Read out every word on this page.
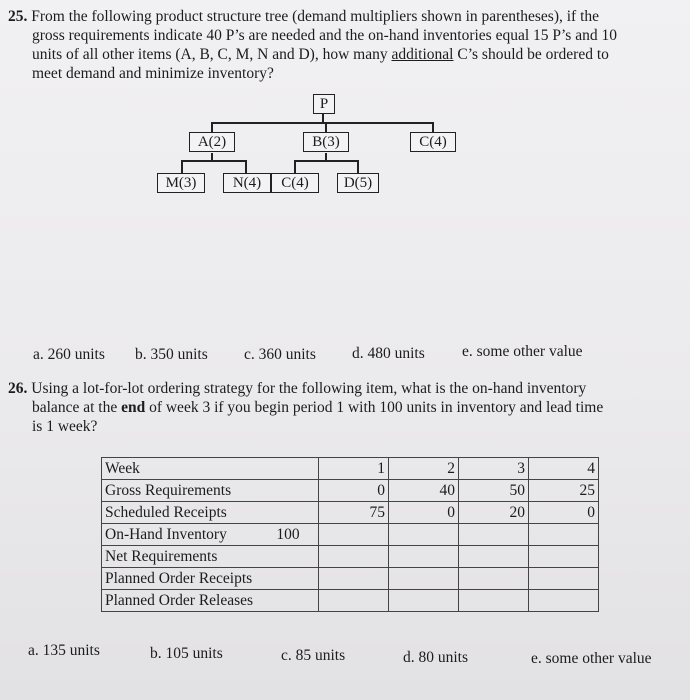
25. From the following product structure tree (demand multipliers shown in parentheses), if the
gross requirements indicate 40 P’s are needed and the on-hand inventories equal 15 P’s and 10
units of all other items (A, B, C, M, N and D), how many additional C’s should be ordered to
meet demand and minimize inventory?
P
A(2)	B(3)	C(4)
M(3)	N(4)	C(4)	D(5)
a. 260 units b. 350 units c. 360 units d. 480 units e. some other value
26. Using a lot-for-lot ordering strategy for the following item, what is the on-hand inventory
balance at the end of week 3 if you begin period 1 with 100 units in inventory and lead time
is 1 week?
Week		1	2	3	4
Gross Requirements		0	40	50	25
Scheduled Receipts		75	0	20	0
On-Hand Inventory	100				
Net Requirements					
Planned Order Receipts					
Planned Order Releases					
a. 135 units	b. 105 units	c. 85 units	d. 80 units	e. some other value
